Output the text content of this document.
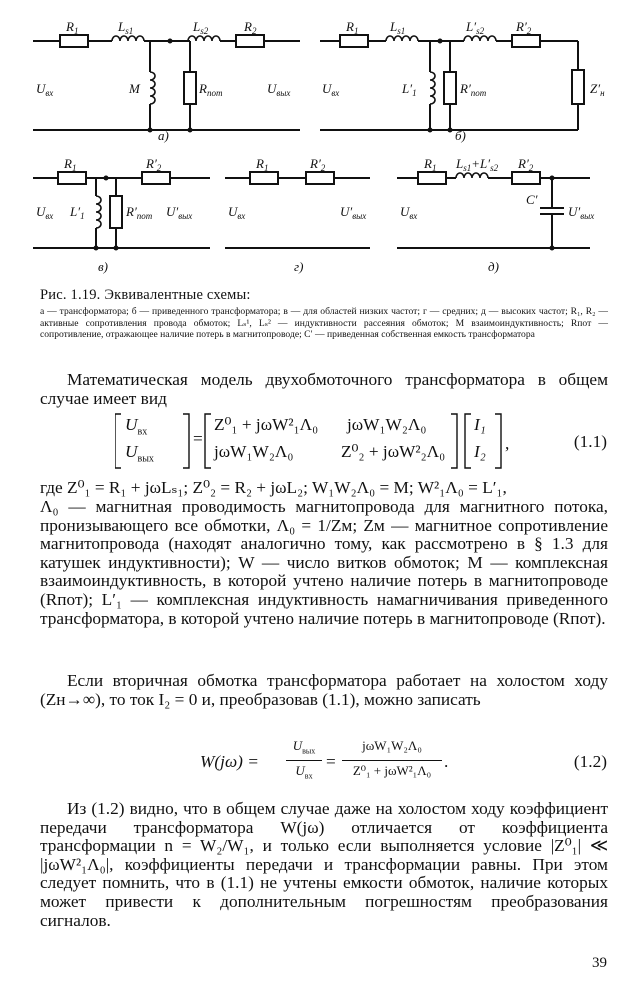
$R_1$	$L_{s1}$	$L_{s2}$	$R_2$
$U_{вх}$	$U_{вых}$
M	$R_{пот}$
а)
$R_1$ $L_{s1}$	$L'_{s2}$ $R'_2$
$U_{вх}$	$L'_1$	$R'_{пот}$	$Z'_н$
б)
$R_1$	$R'_2$
$U_{вх}$ $L'_1$	$R'_{пот}$ $U'_{вых}$
в)
$R_1$	$R'_2$
$U_{вх}$	$U'_{вых}$
г)
$R_1$ $L_{s1}+L'_{s2}$ $R'_2$
$U_{вх}$
C′
$U'_{вых}$
д)
Рис. 1.19. Эквивалентные схемы:
а — трансформатора; б — приведенного трансформатора; в — для областей низких частот; г — средних; д — высоких частот; R₁, R₂ — активные сопротивления провода обмоток; Lₛ¹, Lₛ² — индуктивности рассеяния обмоток; M взаимоиндуктивность; Rпот — сопротивление, отражающее наличие потерь в магнитопроводе; C′ — приведенная собственная емкость трансформатора
Математическая модель двухобмоточного трансформатора в общем случае имеет вид
$U_{вх}$
$U_{вых}$
=
Z⁰₁ + jωW²₁Λ₀ jωW₁W₂Λ₀
jωW₁W₂Λ₀	Z⁰₂ + jωW²₂Λ₀
I₁
I₂ ,	(1.1)
где Z⁰₁ = R₁ + jωLₛ₁; Z⁰₂ = R₂ + jωL₂; W₁W₂Λ₀ = M; W²₁Λ₀ = L′₁,
Λ₀ — магнитная проводимость магнитопровода для магнитного потока, пронизывающего все обмотки, Λ₀ = 1/Zм; Zм — магнитное сопротивление магнитопровода (находят аналогично тому, как рассмотрено в § 1.3 для катушек индуктивности); W — число витков обмоток; M — комплексная взаимоиндуктивность, в которой учтено наличие потерь в магнитопроводе (Rпот); L′₁ — комплексная индуктивность намагничивания приведенного трансформатора, в которой учтено наличие потерь в магнитопроводе (Rпот).
Если вторичная обмотка трансформатора работает на холостом ходу (Zн→∞), то ток I₂ = 0 и, преобразовав (1.1), можно записать
W(jω) =
$U_{вых}$
$U_{вх}$
=
jωW₁W₂Λ₀
Z⁰₁ + jωW²₁Λ₀ .	(1.2)
Из (1.2) видно, что в общем случае даже на холостом ходу коэффициент передачи трансформатора W(jω) отличается от коэффициента трансформации n = W₂/W₁, и только если выполняется условие |Z⁰₁| ≪ |jωW²₁Λ₀|, коэффициенты передачи и трансформации равны. При этом следует помнить, что в (1.1) не учтены емкости обмоток, наличие которых может привести к дополнительным погрешностям преобразования сигналов.
39
